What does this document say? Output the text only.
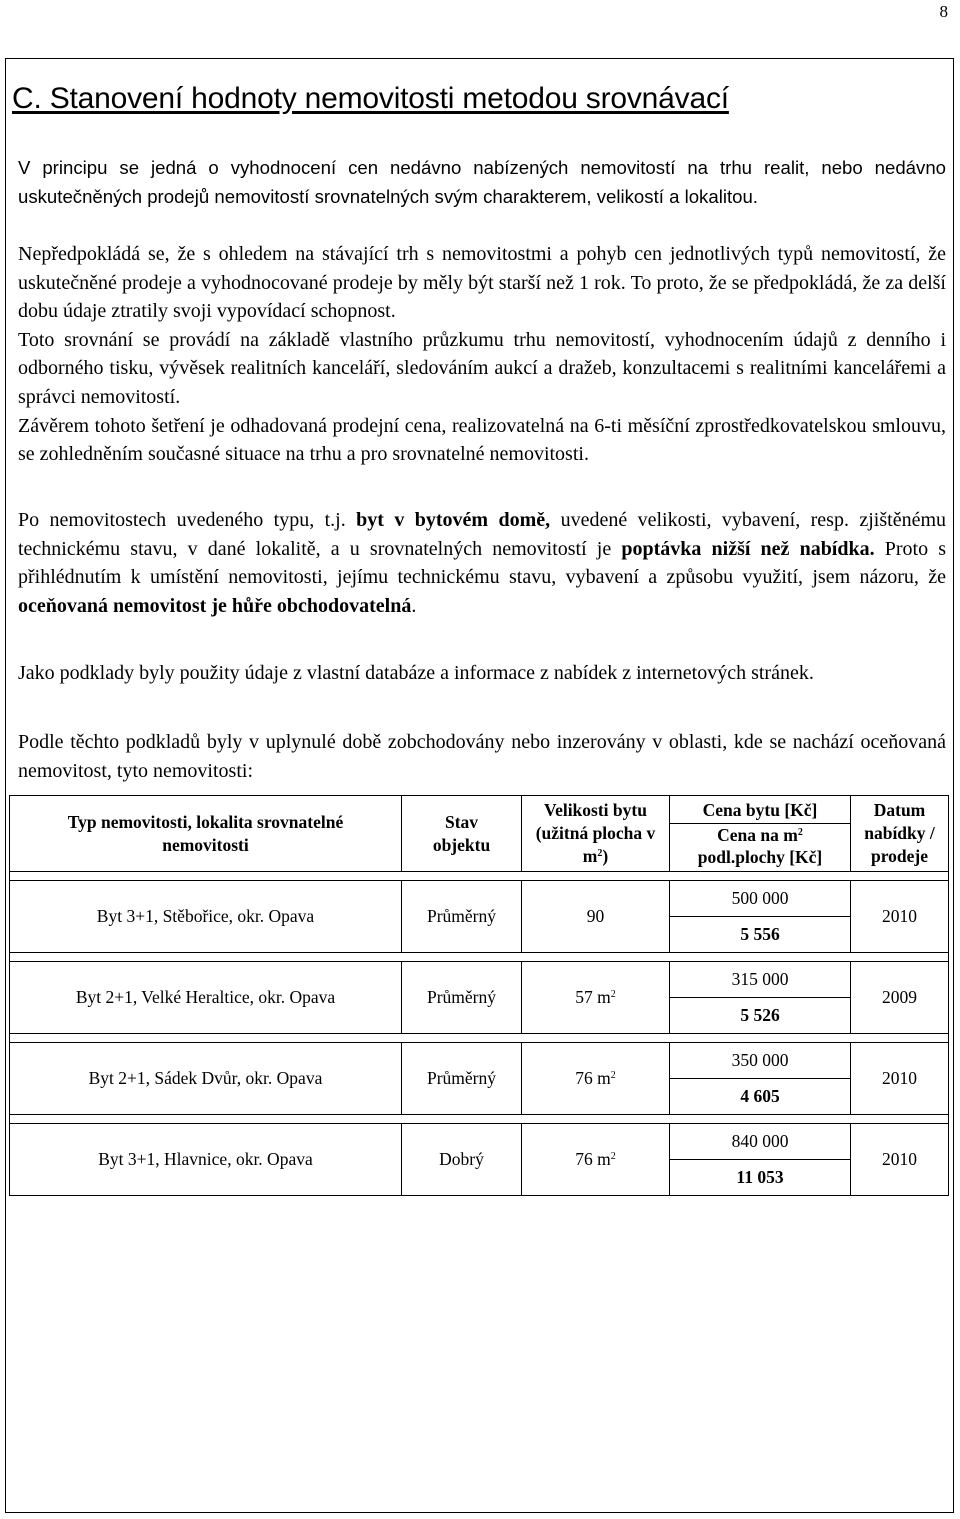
8
C. Stanovení hodnoty nemovitosti metodou srovnávací

V principu se jedná o vyhodnocení cen nedávno nabízených nemovitostí na trhu realit, nebo nedávno uskutečněných prodejů nemovitostí srovnatelných svým charakterem, velikostí a lokalitou.

Nepředpokládá se, že s ohledem na stávající trh s nemovitostmi a pohyb cen jednotlivých typů nemovitostí, že uskutečněné prodeje a vyhodnocované prodeje by měly být starší než 1 rok. To proto, že se předpokládá, že za delší dobu údaje ztratily svoji vypovídací schopnost.

Toto srovnání se provádí na základě vlastního průzkumu trhu nemovitostí, vyhodnocením údajů z denního i odborného tisku, vývěsek realitních kanceláří, sledováním aukcí a dražeb, konzultacemi s realitními kancelářemi a správci nemovitostí.

Závěrem tohoto šetření je odhadovaná prodejní cena, realizovatelná na 6-ti měsíční zprostředkovatelskou smlouvu, se zohledněním současné situace na trhu a pro srovnatelné nemovitosti.

Po nemovitostech uvedeného typu, t.j. byt v bytovém domě, uvedené velikosti, vybavení, resp. zjištěnému technickému stavu, v dané lokalitě, a u srovnatelných nemovitostí je poptávka nižší než nabídka. Proto s přihlédnutím k umístění nemovitosti, jejímu technickému stavu, vybavení a způsobu využití, jsem názoru, že oceňovaná nemovitost je hůře obchodovatelná.

Jako podklady byly použity údaje z vlastní databáze a informace z nabídek z internetových stránek.

Podle těchto podkladů byly v uplynulé době zobchodovány nebo inzerovány v oblasti, kde se nachází oceňovaná nemovitost, tyto nemovitosti:

Typ nemovitosti, lokalita srovnatelné nemovitosti	Stav objektu	Velikosti bytu (užitná plocha v $m^2$)	Cena bytu [Kč]
Cena na $m^2$
podl.plochy [Kč]	Datum nabídky / prodeje

Byt 3+1, Stěbořice, okr. Opava	Průměrný	90	500 000
5 556	2010

Byt 2+1, Velké Heraltice, okr. Opava	Průměrný	57 $m^2$	315 000
5 526	2009

Byt 2+1, Sádek Dvůr, okr. Opava	Průměrný	76 $m^2$	350 000
4 605	2010

Byt 3+1, Hlavnice, okr. Opava	Dobrý	76 $m^2$	840 000
11 053	2010
